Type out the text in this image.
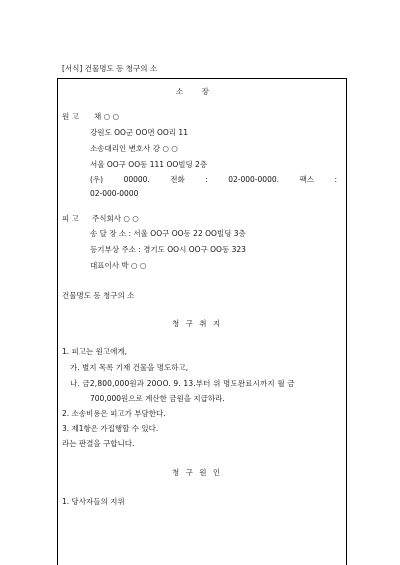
[서식] 건물명도 등 청구의 소
소 장
원 고 채 ○ ○
강원도 OO군 OO면 OO리 11
소송대리인 변호사 강 ○ ○
서울 OO구 OO동 111 OO빌딩 2층
(우)	00000.	전화	:	02-000-0000.	팩스	:
02-000-0000
피 고 주식회사 ○ ○
송 달 장 소 : 서울 OO구 OO동 22 OO빌딩 3층
등기부상 주소 : 경기도 OO시 OO구 OO동 323
대표이사 박 ○ ○
건물명도 등 청구의 소
청 구 취 지
1. 피고는 원고에게,
가. 별지 목록 기재 건물을 명도하고,
나. 금2,800,000원과 20OO. 9. 13.부터 위 명도완료시까지 월 금
700,000원으로 계산한 금원을 지급하라.
2. 소송비용은 피고가 부담한다.
3. 제1항은 가집행할 수 있다.
라는 판결을 구합니다.
청 구 원 인
1. 당사자들의 지위
